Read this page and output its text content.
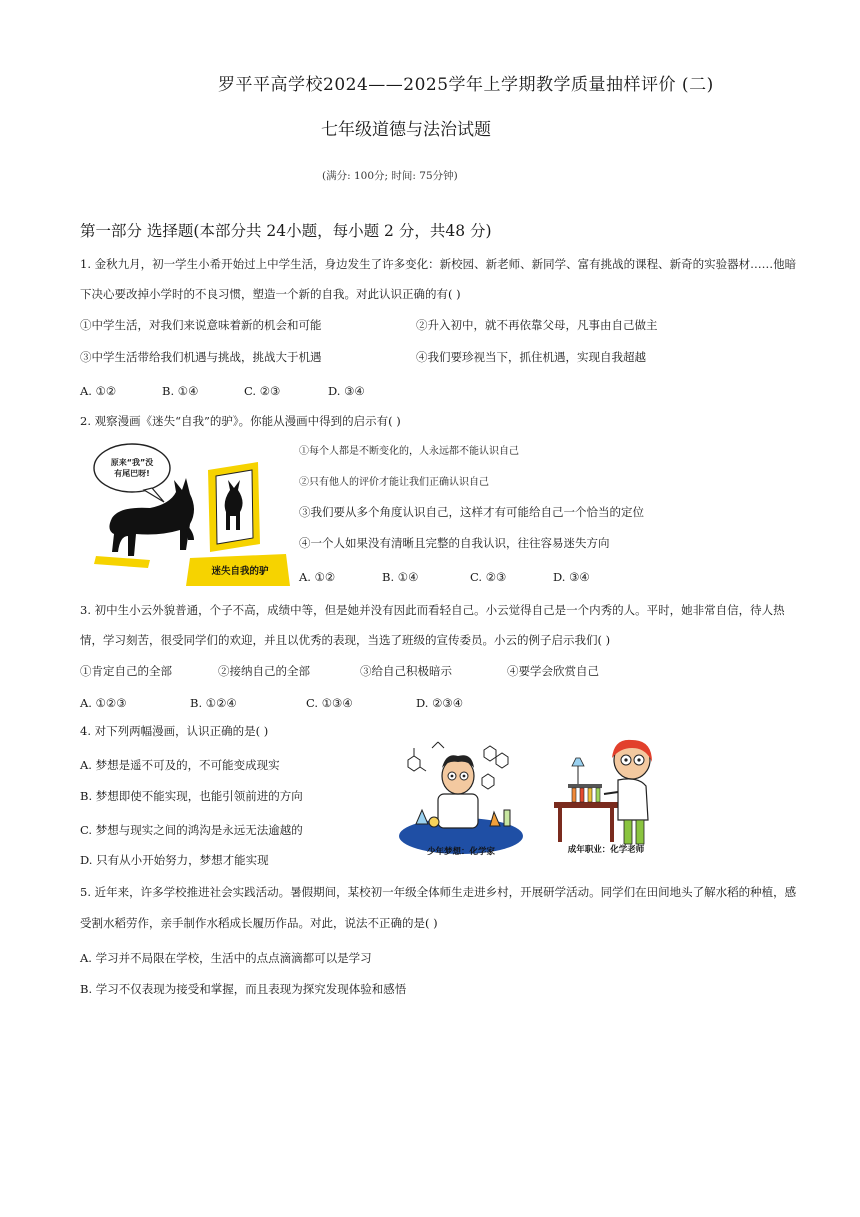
罗平平高学校2024——2025学年上学期教学质量抽样评价 (二)
七年级道德与法治试题
(满分: 100分; 时间: 75分钟)
第一部分 选择题(本部分共 24小题，每小题 2 分，共48 分)
1. 金秋九月，初一学生小希开始过上中学生活，身边发生了许多变化：新校园、新老师、新同学、富有挑战的课程、新奇的实验器材……他暗
下决心要改掉小学时的不良习惯，塑造一个新的自我。对此认识正确的有( )
①中学生活，对我们来说意味着新的机会和可能	②升入初中，就不再依靠父母，凡事由自己做主
③中学生活带给我们机遇与挑战，挑战大于机遇	④我们要珍视当下，抓住机遇，实现自我超越
A. ①②	B. ①④	C. ②③	D. ③④
2. 观察漫画《迷失“自我”的驴》。你能从漫画中得到的启示有( )
原来“我”没
有尾巴呀!
迷失自我的驴
①每个人都是不断变化的，人永远都不能认识自己
②只有他人的评价才能让我们正确认识自己
③我们要从多个角度认识自己，这样才有可能给自己一个恰当的定位
④一个人如果没有清晰且完整的自我认识，往往容易迷失方向
A. ①②	B. ①④	C. ②③	D. ③④
3. 初中生小云外貌普通，个子不高，成绩中等，但是她并没有因此而看轻自己。小云觉得自己是一个内秀的人。平时，她非常自信，待人热
情，学习刻苦，很受同学们的欢迎，并且以优秀的表现，当选了班级的宣传委员。小云的例子启示我们( )
①肯定自己的全部	②接纳自己的全部	③给自己积极暗示	④要学会欣赏自己
A. ①②③	B. ①②④	C. ①③④	D. ②③④
4. 对下列两幅漫画，认识正确的是( )
A. 梦想是遥不可及的，不可能变成现实
B. 梦想即使不能实现，也能引领前进的方向
C. 梦想与现实之间的鸿沟是永远无法逾越的
D. 只有从小开始努力，梦想才能实现
少年梦想：化学家	成年职业：化学老师
5. 近年来，许多学校推进社会实践活动。暑假期间，某校初一年级全体师生走进乡村，开展研学活动。同学们在田间地头了解水稻的种植，感
受割水稻劳作，亲手制作水稻成长履历作品。对此，说法不正确的是( )
A. 学习并不局限在学校，生活中的点点滴滴都可以是学习
B. 学习不仅表现为接受和掌握，而且表现为探究发现体验和感悟
